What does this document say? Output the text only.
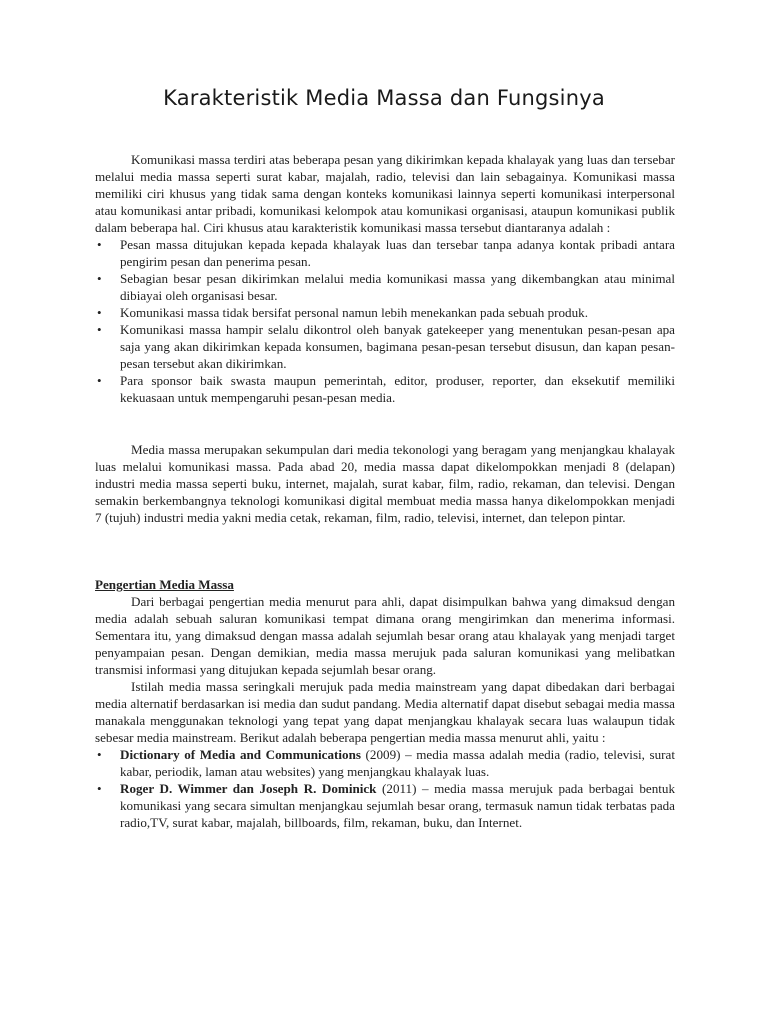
Karakteristik Media Massa dan Fungsinya

Komunikasi massa terdiri atas beberapa pesan yang dikirimkan kepada khalayak yang luas dan tersebar melalui media massa seperti surat kabar, majalah, radio, televisi dan lain sebagainya. Komunikasi massa memiliki ciri khusus yang tidak sama dengan konteks komunikasi lainnya seperti komunikasi interpersonal atau komunikasi antar pribadi, komunikasi kelompok atau komunikasi organisasi, ataupun komunikasi publik dalam beberapa hal. Ciri khusus atau karakteristik komunikasi massa tersebut diantaranya adalah :

• Pesan massa ditujukan kepada kepada khalayak luas dan tersebar tanpa adanya kontak pribadi antara pengirim pesan dan penerima pesan.
• Sebagian besar pesan dikirimkan melalui media komunikasi massa yang dikembangkan atau minimal dibiayai oleh organisasi besar.
• Komunikasi massa tidak bersifat personal namun lebih menekankan pada sebuah produk.
• Komunikasi massa hampir selalu dikontrol oleh banyak gatekeeper yang menentukan pesan-pesan apa saja yang akan dikirimkan kepada konsumen, bagimana pesan-pesan tersebut disusun, dan kapan pesan-pesan tersebut akan dikirimkan.
• Para sponsor baik swasta maupun pemerintah, editor, produser, reporter, dan eksekutif memiliki kekuasaan untuk mempengaruhi pesan-pesan media.

Media massa merupakan sekumpulan dari media tekonologi yang beragam yang menjangkau khalayak luas melalui komunikasi massa. Pada abad 20, media massa dapat dikelompokkan menjadi 8 (delapan) industri media massa seperti buku, internet, majalah, surat kabar, film, radio, rekaman, dan televisi. Dengan semakin berkembangnya teknologi komunikasi digital membuat media massa hanya dikelompokkan menjadi 7 (tujuh) industri media yakni media cetak, rekaman, film, radio, televisi, internet, dan telepon pintar.

Pengertian Media Massa

Dari berbagai pengertian media menurut para ahli, dapat disimpulkan bahwa yang dimaksud dengan media adalah sebuah saluran komunikasi tempat dimana orang mengirimkan dan menerima informasi. Sementara itu, yang dimaksud dengan massa adalah sejumlah besar orang atau khalayak yang menjadi target penyampaian pesan. Dengan demikian, media massa merujuk pada saluran komunikasi yang melibatkan transmisi informasi yang ditujukan kepada sejumlah besar orang.

Istilah media massa seringkali merujuk pada media mainstream yang dapat dibedakan dari berbagai media alternatif berdasarkan isi media dan sudut pandang. Media alternatif dapat disebut sebagai media massa manakala menggunakan teknologi yang tepat yang dapat menjangkau khalayak secara luas walaupun tidak sebesar media mainstream. Berikut adalah beberapa pengertian media massa menurut ahli, yaitu :

• Dictionary of Media and Communications (2009) – media massa adalah media (radio, televisi, surat kabar, periodik, laman atau websites) yang menjangkau khalayak luas.
• Roger D. Wimmer dan Joseph R. Dominick (2011) – media massa merujuk pada berbagai bentuk komunikasi yang secara simultan menjangkau sejumlah besar orang, termasuk namun tidak terbatas pada radio,TV, surat kabar, majalah, billboards, film, rekaman, buku, dan Internet.
